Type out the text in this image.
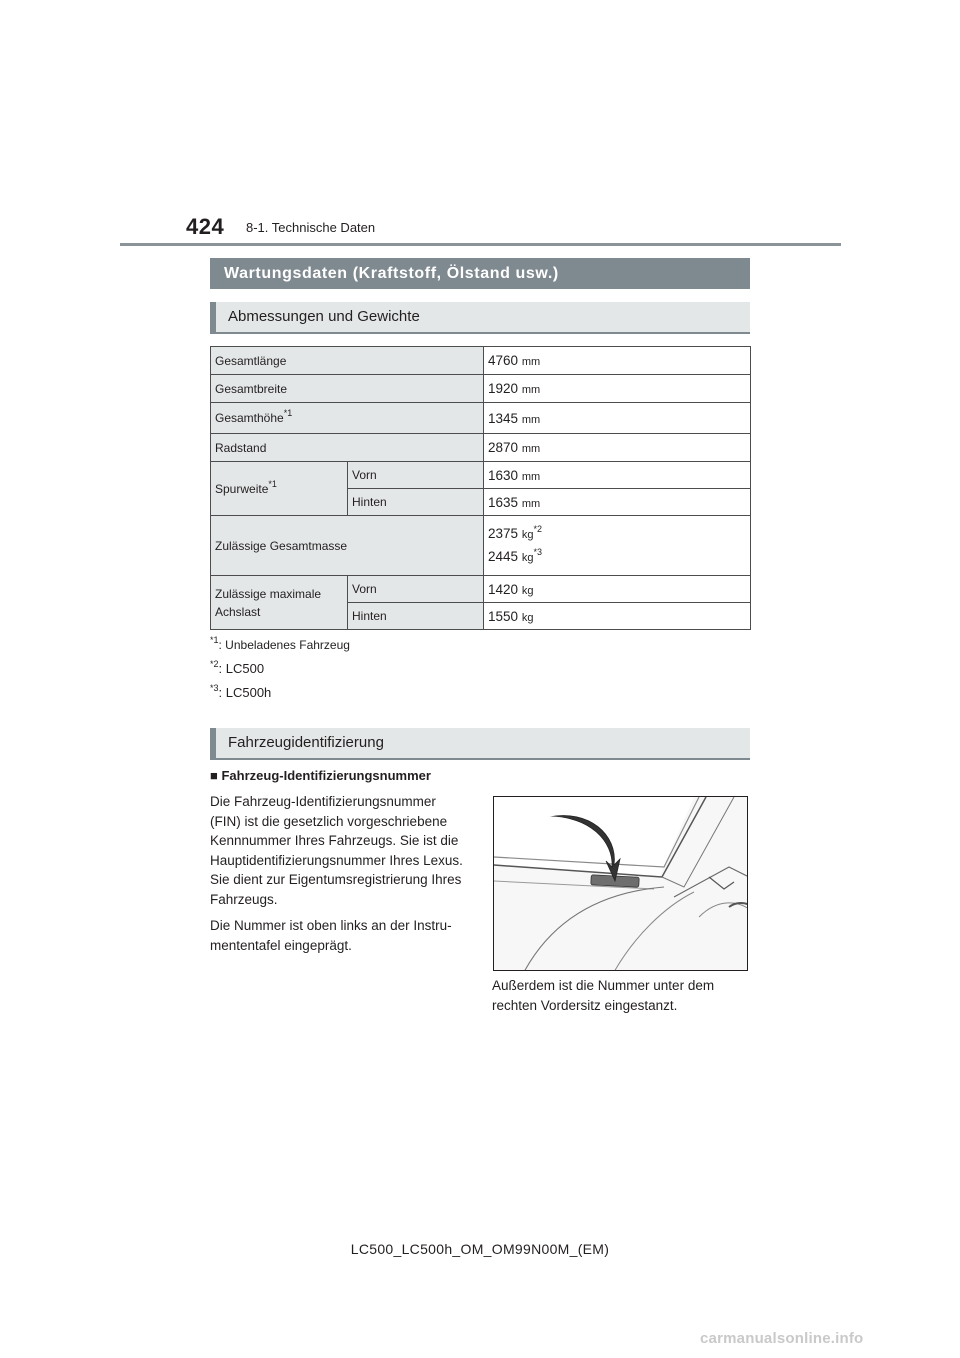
424 8-1. Technische Daten
Wartungsdaten (Kraftstoff, Ölstand usw.)
Abmessungen und Gewichte
Gesamtlänge		4760 mm
Gesamtbreite		1920 mm
Gesamthöhe$^{*1}$		1345 mm
Radstand		2870 mm
Spurweite$^{*1}$	Vorn	1630 mm
	Hinten	1635 mm
Zulässige Gesamtmasse		2375 $kg^{*2}$
2445 $kg^{*3}$

Zulässige maximale
Achslast	Vorn	1420 kg
	Hinten	1550 kg
$^{*1}$: Unbeladenes Fahrzeug
$^{*2}$: LC500
$^{*3}$: LC500h
Fahrzeugidentifizierung
■ Fahrzeug-Identifizierungsnummer

Die Fahrzeug-Identifizierungsnummer (FIN) ist die gesetzlich vorgeschriebene Kennnummer Ihres Fahrzeugs. Sie ist die Hauptidentifizierungsnummer Ihres Lexus. Sie dient zur Eigentumsregistrierung Ihres Fahrzeugs.

Die Nummer ist oben links an der Instru-mententafel eingeprägt.

Außerdem ist die Nummer unter dem rechten Vordersitz eingestanzt.

LC500_LC500h_OM_OM99N00M_(EM)
carmanualsonline.info
